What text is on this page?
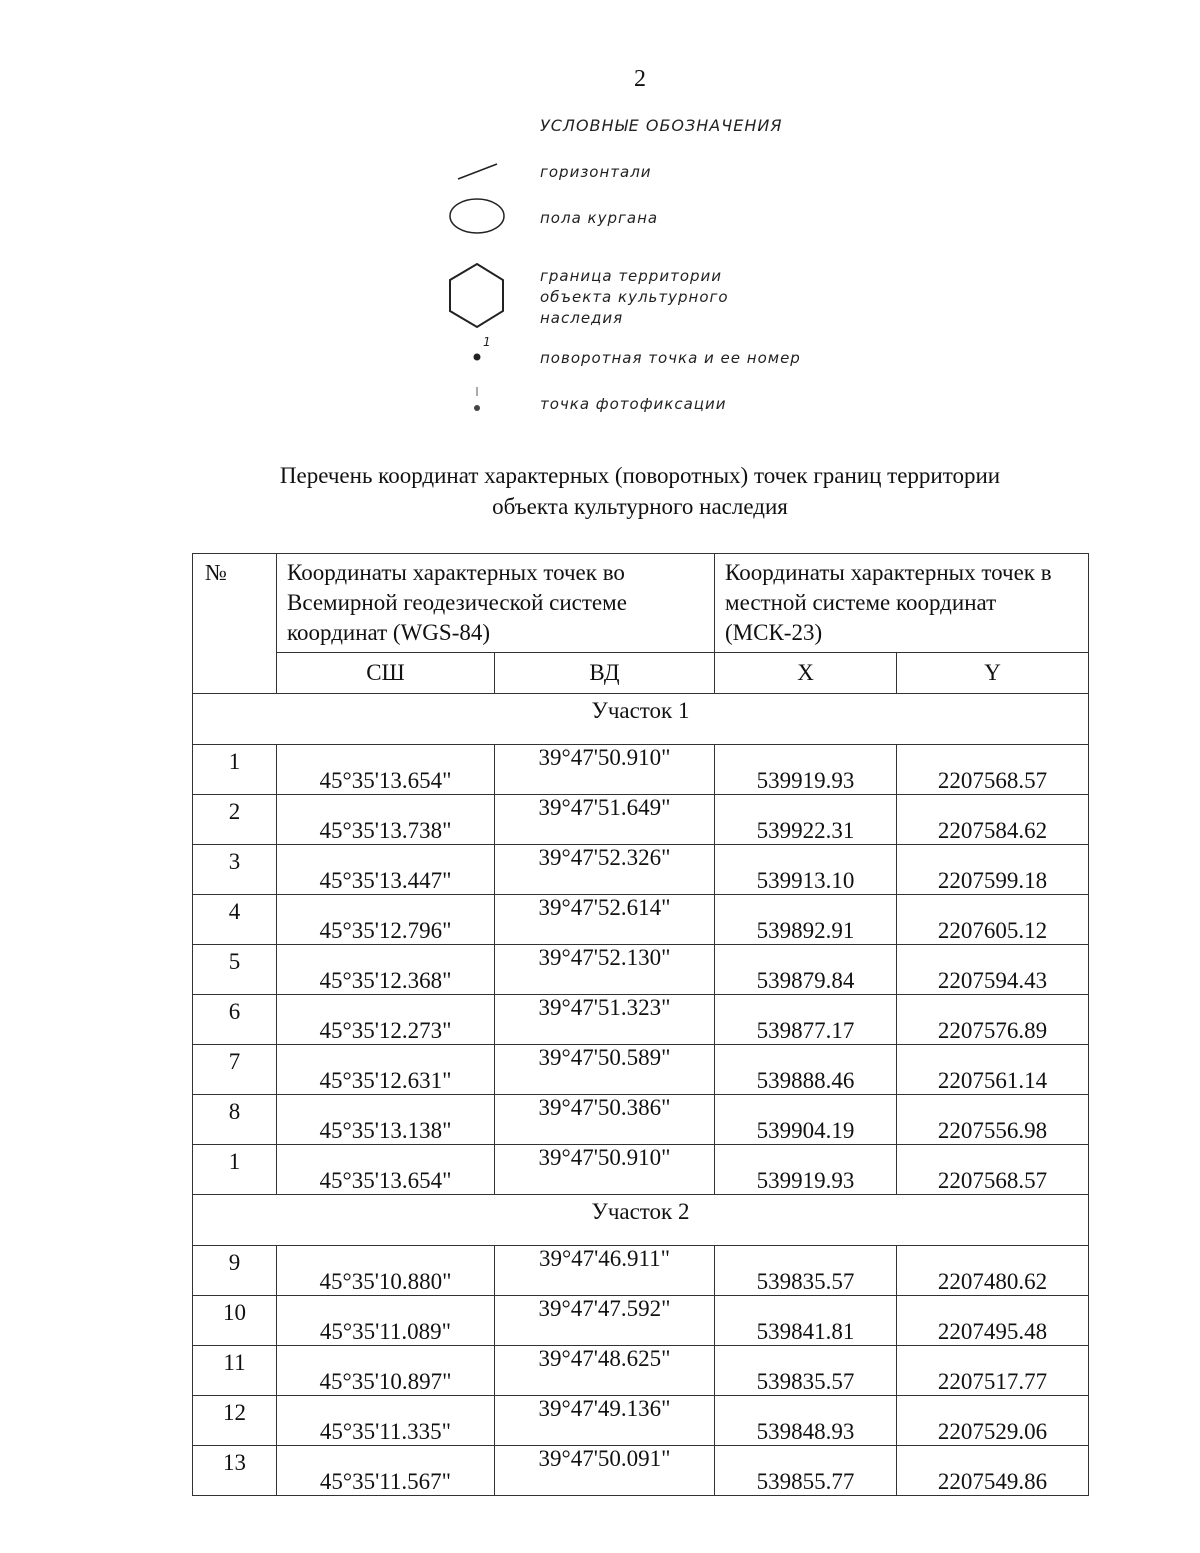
2
УСЛОВНЫЕ ОБОЗНАЧЕНИЯ
горизонтали
пола кургана
граница территории
объекта культурного
наследия
1
поворотная точка и ее номер
точка фотофиксации
Перечень координат характерных (поворотных) точек границ территории
объекта культурного наследия
№	Координаты характерных точек во Всемирной геодезической системе координат (WGS-84)		Координаты характерных точек в местной системе координат (МСК-23)	
	СШ	ВД	X	Y
Участок 1				
1	45°35'13.654"	39°47'50.910"	539919.93	2207568.57
2	45°35'13.738"	39°47'51.649"	539922.31	2207584.62
3	45°35'13.447"	39°47'52.326"	539913.10	2207599.18
4	45°35'12.796"	39°47'52.614"	539892.91	2207605.12
5	45°35'12.368"	39°47'52.130"	539879.84	2207594.43
6	45°35'12.273"	39°47'51.323"	539877.17	2207576.89
7	45°35'12.631"	39°47'50.589"	539888.46	2207561.14
8	45°35'13.138"	39°47'50.386"	539904.19	2207556.98
1	45°35'13.654"	39°47'50.910"	539919.93	2207568.57
Участок 2				
9	45°35'10.880"	39°47'46.911"	539835.57	2207480.62
10	45°35'11.089"	39°47'47.592"	539841.81	2207495.48
11	45°35'10.897"	39°47'48.625"	539835.57	2207517.77
12	45°35'11.335"	39°47'49.136"	539848.93	2207529.06
13	45°35'11.567"	39°47'50.091"	539855.77	2207549.86
